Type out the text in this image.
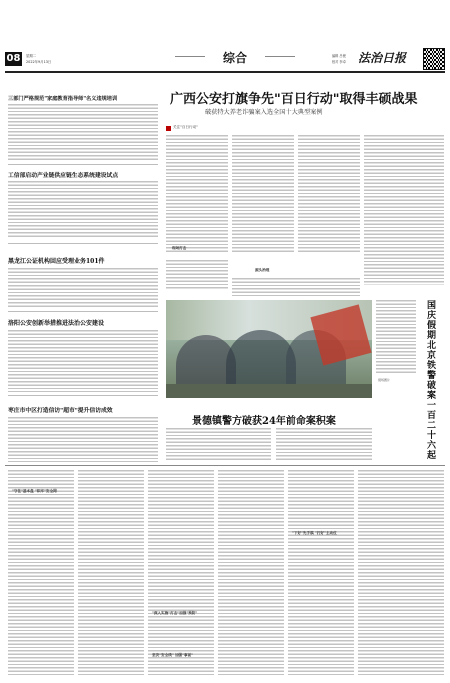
08	星期二
2022年9月13日	综合	编辑 吕俊
校对 李卓 法治日报
三部门严格规范"家庭教育指导师"名义违规培训
工信部启动产业链供应链生态系统建设试点
黑龙江公证机构回应受理业务101件
洛阳公安创新举措推进法治公安建设
枣庄市中区打造信访"超市"提升信访成效
广西公安打旗争先"百日行动"取得丰硕战果
破获特大养老诈骗案入选全国十大典型案例
关注"百日行动"
现场打击
源头治理
现场图片	国庆假期北京铁警破案一百二十六起
景德镇警方破获24年前命案积案
"守住"基本盘 "织牢"安全网
"深入实施"打击"加强"预防"
坚决"安全线" 加强"事前"
"下好"先手棋 "打好"主动仗
